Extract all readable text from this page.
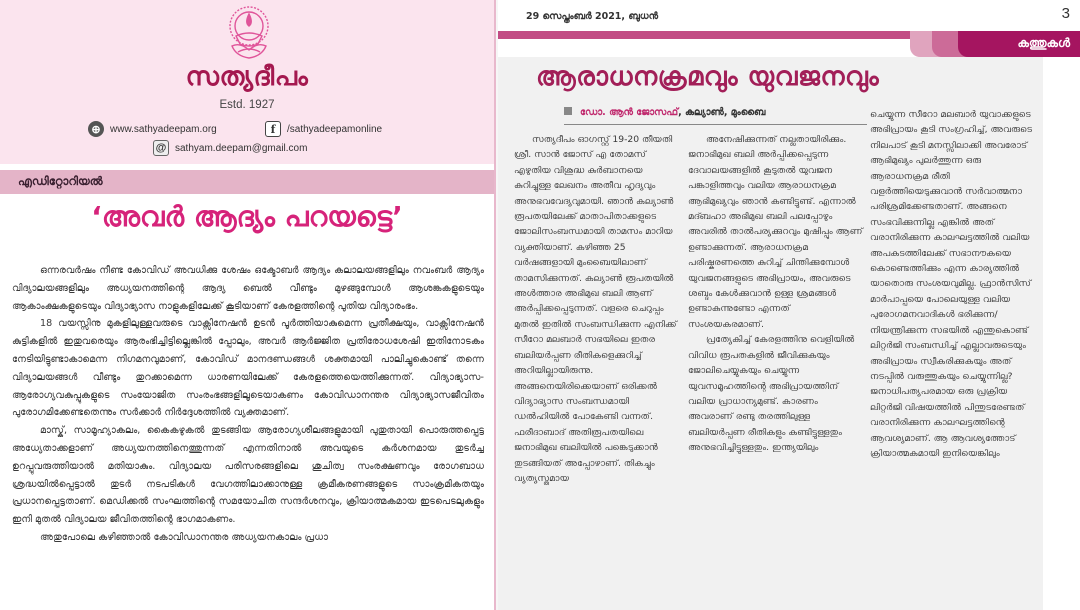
സത്യദീപം
Estd. 1927
⊕ www.sathyadeepam.org	f	/sathyadeepamonline
@ sathyam.deepam@gmail.com
എഡിറ്റോറിയൽ
‘അവർ ആദ്യം പറയട്ടെ’

ഒന്നരവർഷം നീണ്ട കോവിഡ് അവധിക്കു ശേഷം ഒക്ടോബർ ആദ്യം കലാലയങ്ങളിലും നവംബർ ആദ്യം വിദ്യാലയങ്ങളിലും അധ്യയനത്തിന്റെ ആദ്യ ബെൽ വീണ്ടും മുഴങ്ങുമ്പോൾ ആശങ്കകളുടെയും ആകാംക്ഷകളുടെയും വിദ്യാഭ്യാസ നാളുകളിലേക്ക് കൂടിയാണ് കേരളത്തിന്റെ പുതിയ വിദ്യാരംഭം.

18 വയസ്സിനു മുകളിലുള്ളവരുടെ വാക്സിനേഷൻ ഉടൻ പൂർത്തിയാകുമെന്ന പ്രതീക്ഷയും, വാക്സിനേഷൻ കുട്ടികളിൽ ഇതുവരെയും ആരംഭിച്ചിട്ടില്ലെങ്കിൽ പ്പോലും, അവർ ആർജ്ജിത പ്രതിരോധശേഷി ഇതിനോടകം നേടിയിട്ടുണ്ടാകാമെന്ന നിഗമനവുമാണ്, കോവിഡ് മാനദണ്ഡങ്ങൾ ശക്തമായി പാലിച്ചുകൊണ്ട് തന്നെ വിദ്യാലയങ്ങൾ വീണ്ടും തുറക്കാമെന്ന ധാരണയിലേക്ക് കേരളത്തെയെത്തിക്കുന്നത്. വിദ്യാഭ്യാസ-ആരോഗ്യവകുപ്പുകളുടെ സംയോജിത സംരംഭങ്ങളിലൂടെയാകണം കോവിഡാനന്തര വിദ്യാഭ്യാസജീവിതം പുരോഗമിക്കേണ്ടതെന്നും സർക്കാർ നിർദ്ദേശത്തിൽ വ്യക്തമാണ്.

മാസ്ക്, സാമൂഹ്യാകലം, കൈകഴുകൽ തുടങ്ങിയ ആരോഗ്യശീലങ്ങളുമായി പുതുതായി പൊരുത്തപ്പെട്ട അധ്യേതാക്കളാണ് അധ്യയനത്തിനെത്തുന്നത് എന്നതിനാൽ അവയുടെ കർശനമായ തുടർച്ച ഉറപ്പുവരുത്തിയാൽ മതിയാകും. വിദ്യാലയ പരിസരങ്ങളിലെ ശുചിത്വ സംരക്ഷണവും രോഗബാധ ശ്രദ്ധയിൽപ്പെട്ടാൽ തുടർ നടപടികൾ വേഗത്തിലാക്കാനുള്ള ക്രമീകരണങ്ങളുടെ സാംക്രമികതയും പ്രധാനപ്പെട്ടതാണ്. മെഡിക്കൽ സംഘത്തിന്റെ സമയോചിത സന്ദർശനവും, ക്രിയാത്മകമായ ഇടപെടലുകളും ഇനി മുതൽ വിദ്യാലയ ജീവിതത്തിന്റെ ഭാഗമാകണം.

അതുപോലെ കഴിഞ്ഞാൽ കോവിഡാനന്തര അധ്യയനകാലം പ്രധാ

29 സെപ്തംബർ 2021, ബുധൻ	3
കത്തുകൾ
ആരാധനക്രമവും യുവജനവും
ഡോ. ആൻ ജോസഫ്, കല്യാൺ, മുംബൈ

സത്യദീപം ഓഗസ്റ്റ് 19-20 തീയതി ശ്രീ. സാൻ ജോസ് എ തോമസ് എഴുതിയ വിശുദ്ധ കുർബാനയെ കുറിച്ചുള്ള ലേഖനം അതീവ ഹൃദ്യവും അനുഭവവേദ്യവുമായി. ഞാൻ കല്യാൺ രൂപതയിലേക്ക് മാതാപിതാക്കളുടെ ജോലിസംബന്ധമായി താമസം മാറിയ വ്യക്തിയാണ്. കഴിഞ്ഞ 25 വർഷങ്ങളായി മുംബൈയിലാണ് താമസിക്കുന്നത്. കല്യാൺ രൂപതയിൽ അൾത്താര അഭിമുഖ ബലി ആണ് അർപ്പിക്കപ്പെടുന്നത്. വളരെ ചെറുപ്പം മുതൽ ഇതിൽ സംബന്ധിക്കുന്ന എനിക്ക് സീറോ മലബാർ സഭയിലെ ഇതര ബലിയർപ്പണ രീതികളെക്കുറിച്ച് അറിയില്ലായിരുന്നു. അങ്ങനെയിരിക്കെയാണ് ഒരിക്കൽ വിദ്യാഭ്യാസ സംബന്ധമായി ഡൽഹിയിൽ പോകേണ്ടി വന്നത്. ഫരീദാബാദ് അതിരൂപതയിലെ ജനാഭിമുഖ ബലിയിൽ പങ്കെടുക്കാൻ തുടങ്ങിയത് അപ്പോഴാണ്. തികച്ചും വ്യത്യസ്തമായ

അനേഷിക്കുന്നത് നല്ലതായിരിക്കും. ജനാഭിമുഖ ബലി അർപ്പിക്കപ്പെടുന്ന ദേവാലയങ്ങളിൽ കൂടുതൽ യുവജന പങ്കാളിത്തവും വലിയ ആരാധനക്രമ ആഭിമുഖ്യവും ഞാൻ കണ്ടിട്ടുണ്ട്. എന്നാൽ മദ്ബഹാ അഭിമുഖ ബലി പലപ്പോഴും അവരിൽ താൽപര്യക്കുറവും മുഷിപ്പും ആണ് ഉണ്ടാക്കുന്നത്. ആരാധനക്രമ പരിഷ്കരണത്തെ കുറിച്ച് ചിന്തിക്കുമ്പോൾ യുവജനങ്ങളുടെ അഭിപ്രായം, അവരുടെ ശബ്ദം കേൾക്കുവാൻ ഉള്ള ശ്രമങ്ങൾ ഉണ്ടാകുന്നുണ്ടോ എന്നത് സംശയകരമാണ്.

പ്രത്യേകിച്ച് കേരളത്തിനു വെളിയിൽ വിവിധ രൂപതകളിൽ ജീവിക്കുകയും ജോലിചെയ്യുകയും ചെയ്യുന്ന യുവസമൂഹത്തിന്റെ അഭിപ്രായത്തിന് വലിയ പ്രാധാന്യമുണ്ട്. കാരണം അവരാണ് രണ്ടു തരത്തിലുള്ള ബലിയർപ്പണ രീതികളും കണ്ടിട്ടുള്ളതും അനുഭവിച്ചിട്ടുള്ളതും. ഇന്ത്യയിലും

ചെയ്യുന്ന സീറോ മലബാർ യുവാക്കളുടെ അഭിപ്രായം കൂടി സംഗ്രഹിച്ച്, അവരുടെ നിലപാട് കൂടി മനസ്സിലാക്കി അവരോട് ആഭിമുഖ്യം പുലർത്തുന്ന ഒരു ആരാധനക്രമ രീതി വളർത്തിയെടുക്കുവാൻ സർവാത്മനാ പരിശ്രമിക്കേണ്ടതാണ്. അങ്ങനെ സംഭവിക്കുന്നില്ല എങ്കിൽ അത് വരാനിരിക്കുന്ന കാലഘട്ടത്തിൽ വലിയ അപകടത്തിലേക്ക് സഭാനൗകയെ കൊണ്ടെത്തിക്കും എന്ന കാര്യത്തിൽ യാതൊരു സംശയവുമില്ല. ഫ്രാൻസിസ് മാർപാപ്പയെ പോലെയുള്ള വലിയ പുരോഗമനവാദികൾ ഭരിക്കുന്ന/നിയന്ത്രിക്കുന്ന സഭയിൽ എന്തുകൊണ്ട് ലിറ്റർജി സംബന്ധിച്ച് എല്ലാവരുടെയും അഭിപ്രായം സ്വീകരിക്കുകയും അത് നടപ്പിൽ വരുത്തുകയും ചെയ്യുന്നില്ല? ജനാധിപത്യപരമായ ഒരു പ്രക്രിയ ലിറ്റർജി വിഷയത്തിൽ പിന്തുടരേണ്ടത് വരാനിരിക്കുന്ന കാലഘട്ടത്തിന്റെ ആവശ്യമാണ്. ആ ആവശ്യത്തോട് ക്രിയാത്മകമായി ഇനിയെങ്കിലും
